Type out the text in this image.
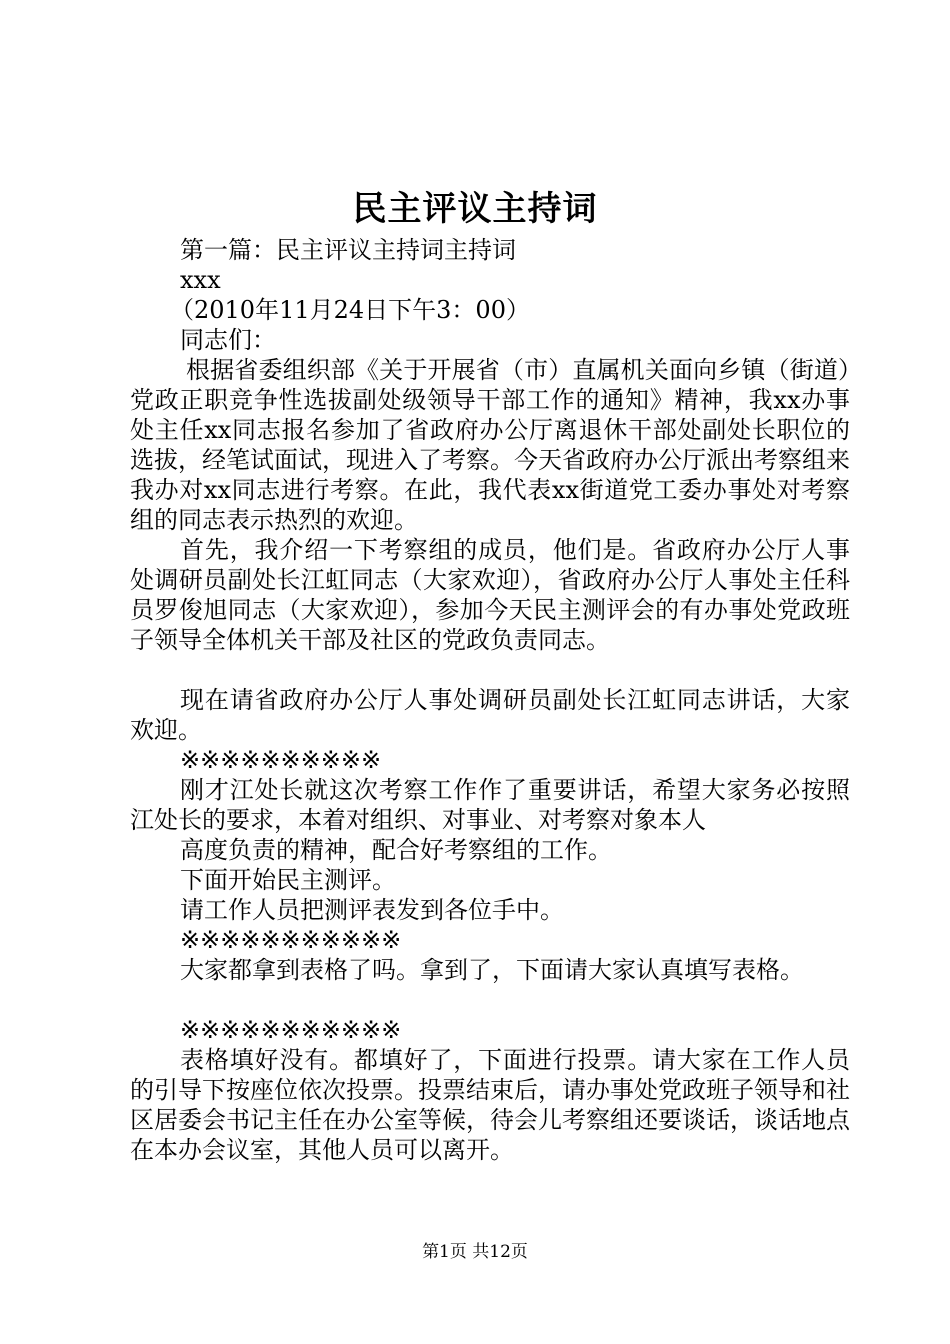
民主评议主持词
第一篇：民主评议主持词主持词
xxx
（2010年11月24日下午3：00）
同志们：
根据省委组织部《关于开展省（市）直属机关面向乡镇（街道）党政正职竞争性选拔副处级领导干部工作的通知》精神，我xx办事处主任xx同志报名参加了省政府办公厅离退休干部处副处长职位的选拔，经笔试面试，现进入了考察。今天省政府办公厅派出考察组来我办对xx同志进行考察。在此，我代表xx街道党工委办事处对考察组的同志表示热烈的欢迎。
首先，我介绍一下考察组的成员，他们是。省政府办公厅人事处调研员副处长江虹同志（大家欢迎），省政府办公厅人事处主任科员罗俊旭同志（大家欢迎），参加今天民主测评会的有办事处党政班子领导全体机关干部及社区的党政负责同志。
现在请省政府办公厅人事处调研员副处长江虹同志讲话，大家欢迎。
※※※※※※※※※※
刚才江处长就这次考察工作作了重要讲话，希望大家务必按照江处长的要求，本着对组织、对事业、对考察对象本人
高度负责的精神，配合好考察组的工作。
下面开始民主测评。
请工作人员把测评表发到各位手中。
※※※※※※※※※※※
大家都拿到表格了吗。拿到了，下面请大家认真填写表格。
※※※※※※※※※※※
表格填好没有。都填好了，下面进行投票。请大家在工作人员的引导下按座位依次投票。投票结束后，请办事处党政班子领导和社区居委会书记主任在办公室等候，待会儿考察组还要谈话，谈话地点在本办会议室，其他人员可以离开。
第1页 共12页
